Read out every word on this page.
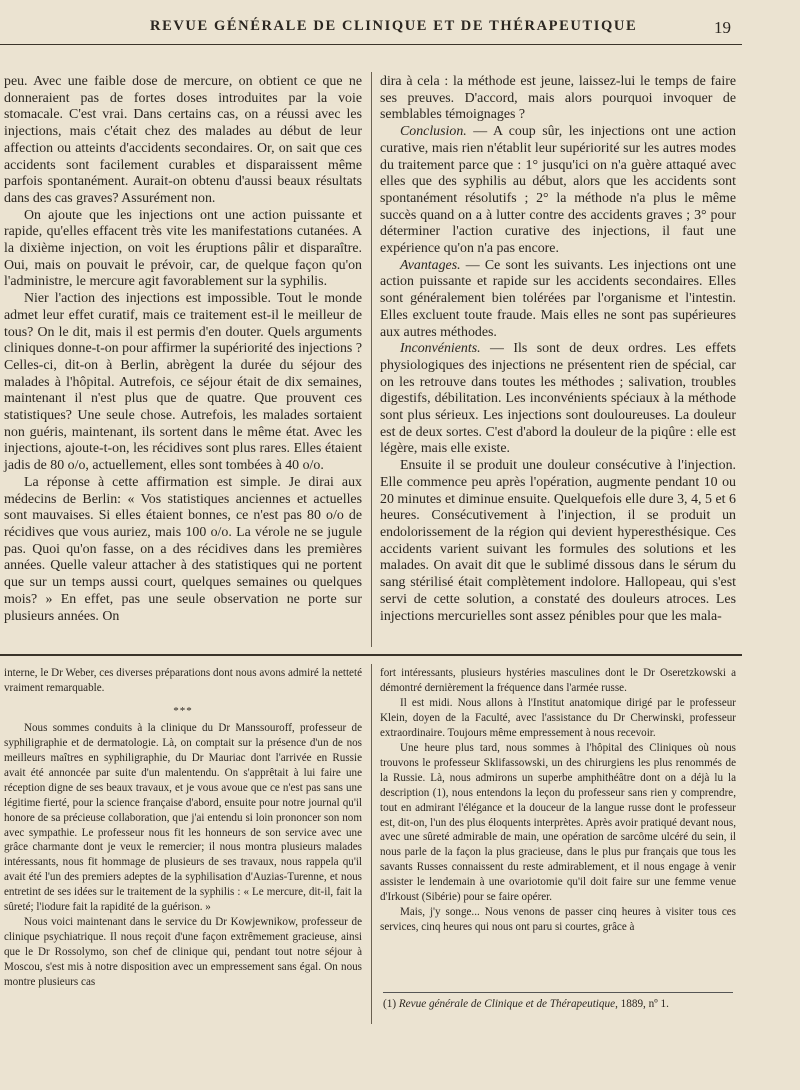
REVUE GÉNÉRALE DE CLINIQUE ET DE THÉRAPEUTIQUE	19

peu. Avec une faible dose de mercure, on obtient ce que ne donneraient pas de fortes doses introduites par la voie stomacale. C'est vrai. Dans certains cas, on a réussi avec les injections, mais c'était chez des malades au début de leur affection ou atteints d'accidents secondaires. Or, on sait que ces accidents sont facilement curables et disparaissent même parfois spontanément. Aurait-on obtenu d'aussi beaux résultats dans des cas graves? Assurément non.

On ajoute que les injections ont une action puissante et rapide, qu'elles effacent très vite les manifestations cutanées. A la dixième injection, on voit les éruptions pâlir et disparaître. Oui, mais on pouvait le prévoir, car, de quelque façon qu'on l'administre, le mercure agit favorablement sur la syphilis.

Nier l'action des injections est impossible. Tout le monde admet leur effet curatif, mais ce traitement est-il le meilleur de tous? On le dit, mais il est permis d'en douter. Quels arguments cliniques donne-t-on pour affirmer la supériorité des injections ? Celles-ci, dit-on à Berlin, abrègent la durée du séjour des malades à l'hôpital. Autrefois, ce séjour était de dix semaines, maintenant il n'est plus que de quatre. Que prouvent ces statistiques? Une seule chose. Autrefois, les malades sortaient non guéris, maintenant, ils sortent dans le même état. Avec les injections, ajoute-t-on, les récidives sont plus rares. Elles étaient jadis de 80 o/o, actuellement, elles sont tombées à 40 o/o.

La réponse à cette affirmation est simple. Je dirai aux médecins de Berlin: « Vos statistiques anciennes et actuelles sont mauvaises. Si elles étaient bonnes, ce n'est pas 80 o/o de récidives que vous auriez, mais 100 o/o. La vérole ne se jugule pas. Quoi qu'on fasse, on a des récidives dans les premières années. Quelle valeur attacher à des statistiques qui ne portent que sur un temps aussi court, quelques semaines ou quelques mois? » En effet, pas une seule observation ne porte sur plusieurs années. On

dira à cela : la méthode est jeune, laissez-lui le temps de faire ses preuves. D'accord, mais alors pourquoi invoquer de semblables témoignages ?

Conclusion. — A coup sûr, les injections ont une action curative, mais rien n'établit leur supériorité sur les autres modes du traitement parce que : 1° jusqu'ici on n'a guère attaqué avec elles que des syphilis au début, alors que les accidents sont spontanément résolutifs ; 2° la méthode n'a plus le même succès quand on a à lutter contre des accidents graves ; 3° pour déterminer l'action curative des injections, il faut une expérience qu'on n'a pas encore.

Avantages. — Ce sont les suivants. Les injections ont une action puissante et rapide sur les accidents secondaires. Elles sont généralement bien tolérées par l'organisme et l'intestin. Elles excluent toute fraude. Mais elles ne sont pas supérieures aux autres méthodes.

Inconvénients. — Ils sont de deux ordres. Les effets physiologiques des injections ne présentent rien de spécial, car on les retrouve dans toutes les méthodes ; salivation, troubles digestifs, débilitation. Les inconvénients spéciaux à la méthode sont plus sérieux. Les injections sont douloureuses. La douleur est de deux sortes. C'est d'abord la douleur de la piqûre : elle est légère, mais elle existe.

Ensuite il se produit une douleur consécutive à l'injection. Elle commence peu après l'opération, augmente pendant 10 ou 20 minutes et diminue ensuite. Quelquefois elle dure 3, 4, 5 et 6 heures. Consécutivement à l'injection, il se produit un endolorissement de la région qui devient hyperesthésique. Ces accidents varient suivant les formules des solutions et les malades. On avait dit que le sublimé dissous dans le sérum du sang stérilisé était complètement indolore. Hallopeau, qui s'est servi de cette solution, a constaté des douleurs atroces. Les injections mercurielles sont assez pénibles pour que les mala-

interne, le Dr Weber, ces diverses préparations dont nous avons admiré la netteté vraiment remarquable.

***

Nous sommes conduits à la clinique du Dr Manssouroff, professeur de syphiligraphie et de dermatologie. Là, on comptait sur la présence d'un de nos meilleurs maîtres en syphiligraphie, du Dr Mauriac dont l'arrivée en Russie avait été annoncée par suite d'un malentendu. On s'apprêtait à lui faire une réception digne de ses beaux travaux, et je vous avoue que ce n'est pas sans une légitime fierté, pour la science française d'abord, ensuite pour notre journal qu'il honore de sa précieuse collaboration, que j'ai entendu si loin prononcer son nom avec sympathie. Le professeur nous fit les honneurs de son service avec une grâce charmante dont je veux le remercier; il nous montra plusieurs malades intéressants, nous fit hommage de plusieurs de ses travaux, nous rappela qu'il avait été l'un des premiers adeptes de la syphilisation d'Auzias-Turenne, et nous entretint de ses idées sur le traitement de la syphilis : « Le mercure, dit-il, fait la sûreté; l'iodure fait la rapidité de la guérison. »

Nous voici maintenant dans le service du Dr Kowjewnikow, professeur de clinique psychiatrique. Il nous reçoit d'une façon extrêmement gracieuse, ainsi que le Dr Rossolymo, son chef de clinique qui, pendant tout notre séjour à Moscou, s'est mis à notre disposition avec un empressement sans égal. On nous montre plusieurs cas

fort intéressants, plusieurs hystéries masculines dont le Dr Oseretzkowski a démontré dernièrement la fréquence dans l'armée russe.

Il est midi. Nous allons à l'Institut anatomique dirigé par le professeur Klein, doyen de la Faculté, avec l'assistance du Dr Cherwinski, professeur extraordinaire. Toujours même empressement à nous recevoir.

Une heure plus tard, nous sommes à l'hôpital des Cliniques où nous trouvons le professeur Sklifassowski, un des chirurgiens les plus renommés de la Russie. Là, nous admirons un superbe amphithéâtre dont on a déjà lu la description (1), nous entendons la leçon du professeur sans rien y comprendre, tout en admirant l'élégance et la douceur de la langue russe dont le professeur est, dit-on, l'un des plus éloquents interprètes. Après avoir pratiqué devant nous, avec une sûreté admirable de main, une opération de sarcôme ulcéré du sein, il nous parle de la façon la plus gracieuse, dans le plus pur français que tous les savants Russes connaissent du reste admirablement, et il nous engage à venir assister le lendemain à une ovariotomie qu'il doit faire sur une femme venue d'Irkoust (Sibérie) pour se faire opérer.

Mais, j'y songe... Nous venons de passer cinq heures à visiter tous ces services, cinq heures qui nous ont paru si courtes, grâce à

(1) Revue générale de Clinique et de Thérapeutique, 1889, nº 1.
